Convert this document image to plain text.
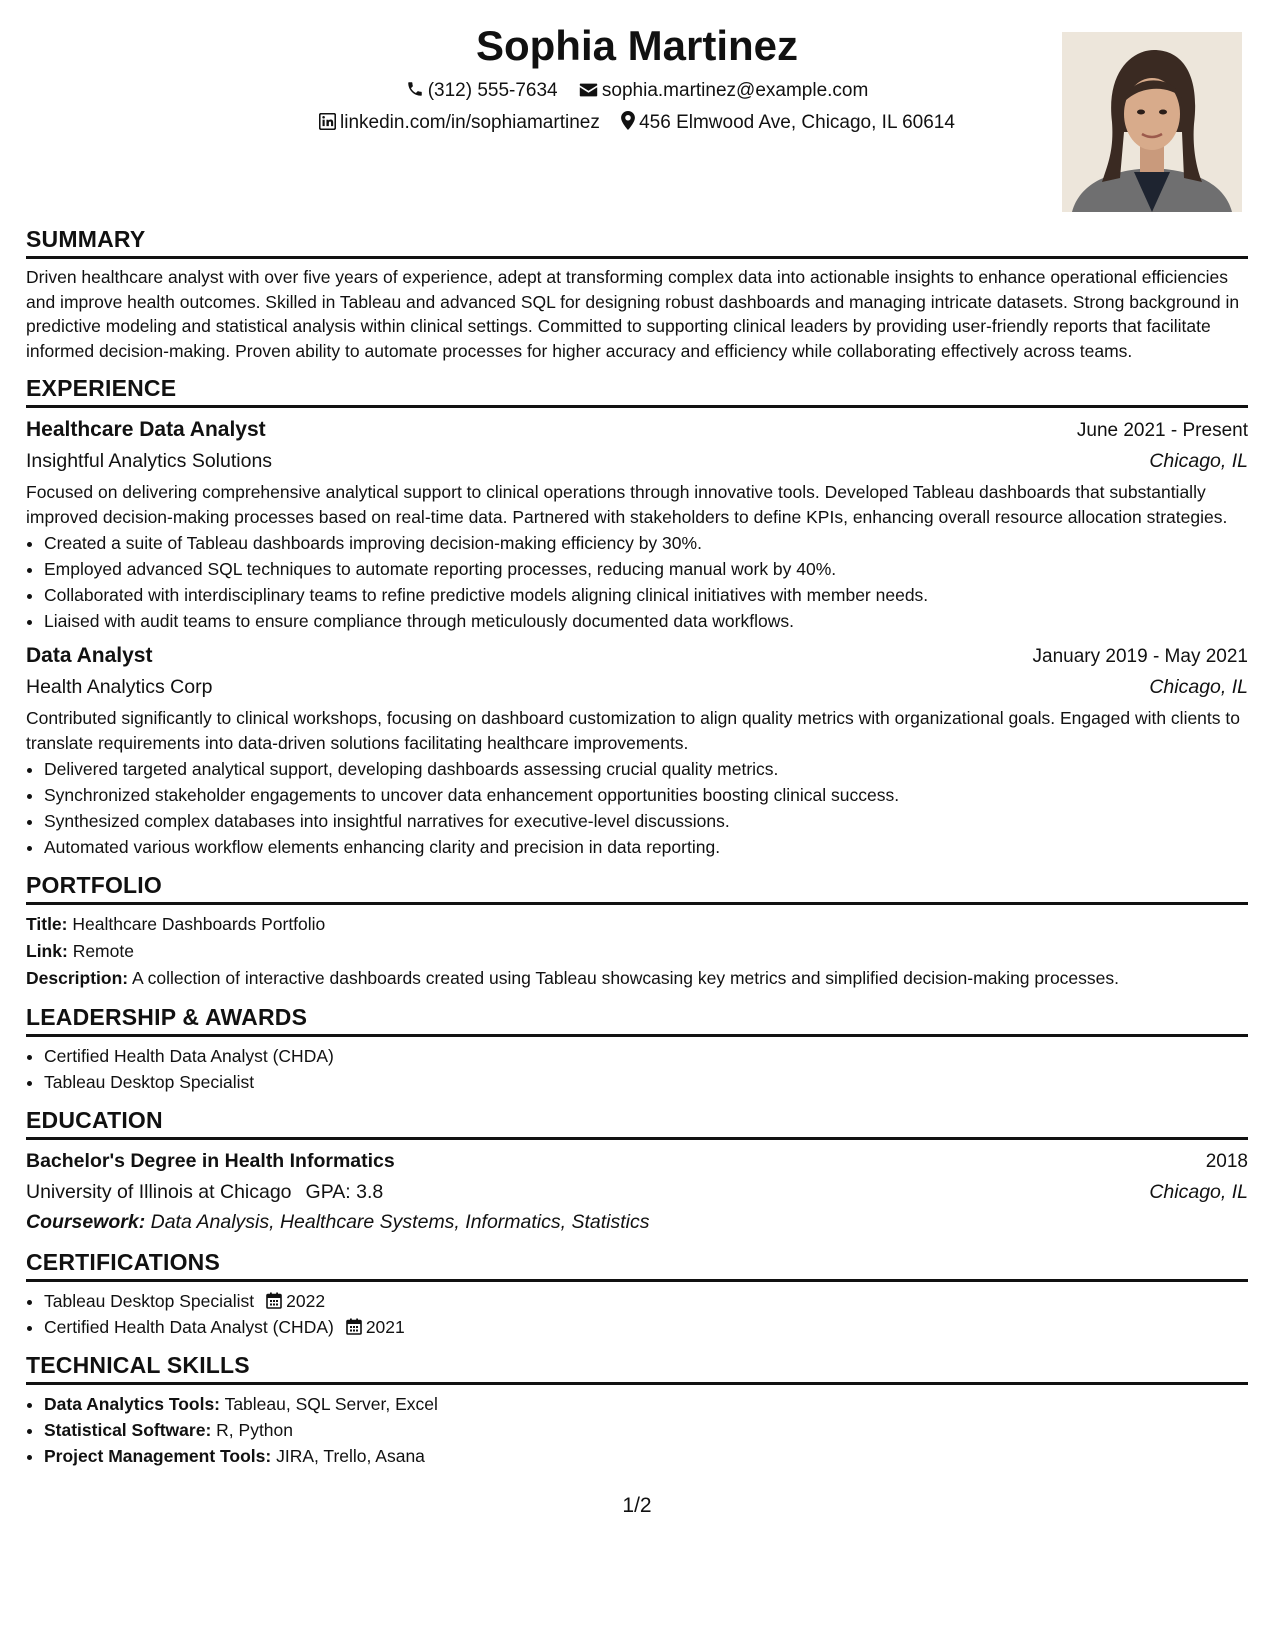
Sophia Martinez
(312) 555-7634 sophia.martinez@example.com
linkedin.com/in/sophiamartinez 456 Elmwood Ave, Chicago, IL 60614
SUMMARY

Driven healthcare analyst with over five years of experience, adept at transforming complex data into actionable insights to enhance operational efficiencies and improve health outcomes. Skilled in Tableau and advanced SQL for designing robust dashboards and managing intricate datasets. Strong background in predictive modeling and statistical analysis within clinical settings. Committed to supporting clinical leaders by providing user-friendly reports that facilitate informed decision-making. Proven ability to automate processes for higher accuracy and efficiency while collaborating effectively across teams.

EXPERIENCE
Healthcare Data Analyst	June 2021 - Present
Insightful Analytics Solutions	Chicago, IL

Focused on delivering comprehensive analytical support to clinical operations through innovative tools. Developed Tableau dashboards that substantially improved decision-making processes based on real-time data. Partnered with stakeholders to define KPIs, enhancing overall resource allocation strategies.

• Created a suite of Tableau dashboards improving decision-making efficiency by 30%.
• Employed advanced SQL techniques to automate reporting processes, reducing manual work by 40%.
• Collaborated with interdisciplinary teams to refine predictive models aligning clinical initiatives with member needs.
• Liaised with audit teams to ensure compliance through meticulously documented data workflows.
Data Analyst	January 2019 - May 2021
Health Analytics Corp	Chicago, IL

Contributed significantly to clinical workshops, focusing on dashboard customization to align quality metrics with organizational goals. Engaged with clients to translate requirements into data-driven solutions facilitating healthcare improvements.

• Delivered targeted analytical support, developing dashboards assessing crucial quality metrics.
• Synchronized stakeholder engagements to uncover data enhancement opportunities boosting clinical success.
• Synthesized complex databases into insightful narratives for executive-level discussions.
• Automated various workflow elements enhancing clarity and precision in data reporting.
PORTFOLIO
Title: Healthcare Dashboards Portfolio
Link: Remote
Description: A collection of interactive dashboards created using Tableau showcasing key metrics and simplified decision-making processes.
LEADERSHIP & AWARDS
• Certified Health Data Analyst (CHDA)
• Tableau Desktop Specialist
EDUCATION
Bachelor's Degree in Health Informatics	2018
University of Illinois at Chicago GPA: 3.8	Chicago, IL
Coursework: Data Analysis, Healthcare Systems, Informatics, Statistics
CERTIFICATIONS
• Tableau Desktop Specialist 2022
• Certified Health Data Analyst (CHDA) 2021
TECHNICAL SKILLS
• Data Analytics Tools: Tableau, SQL Server, Excel
• Statistical Software: R, Python
• Project Management Tools: JIRA, Trello, Asana
1/2
